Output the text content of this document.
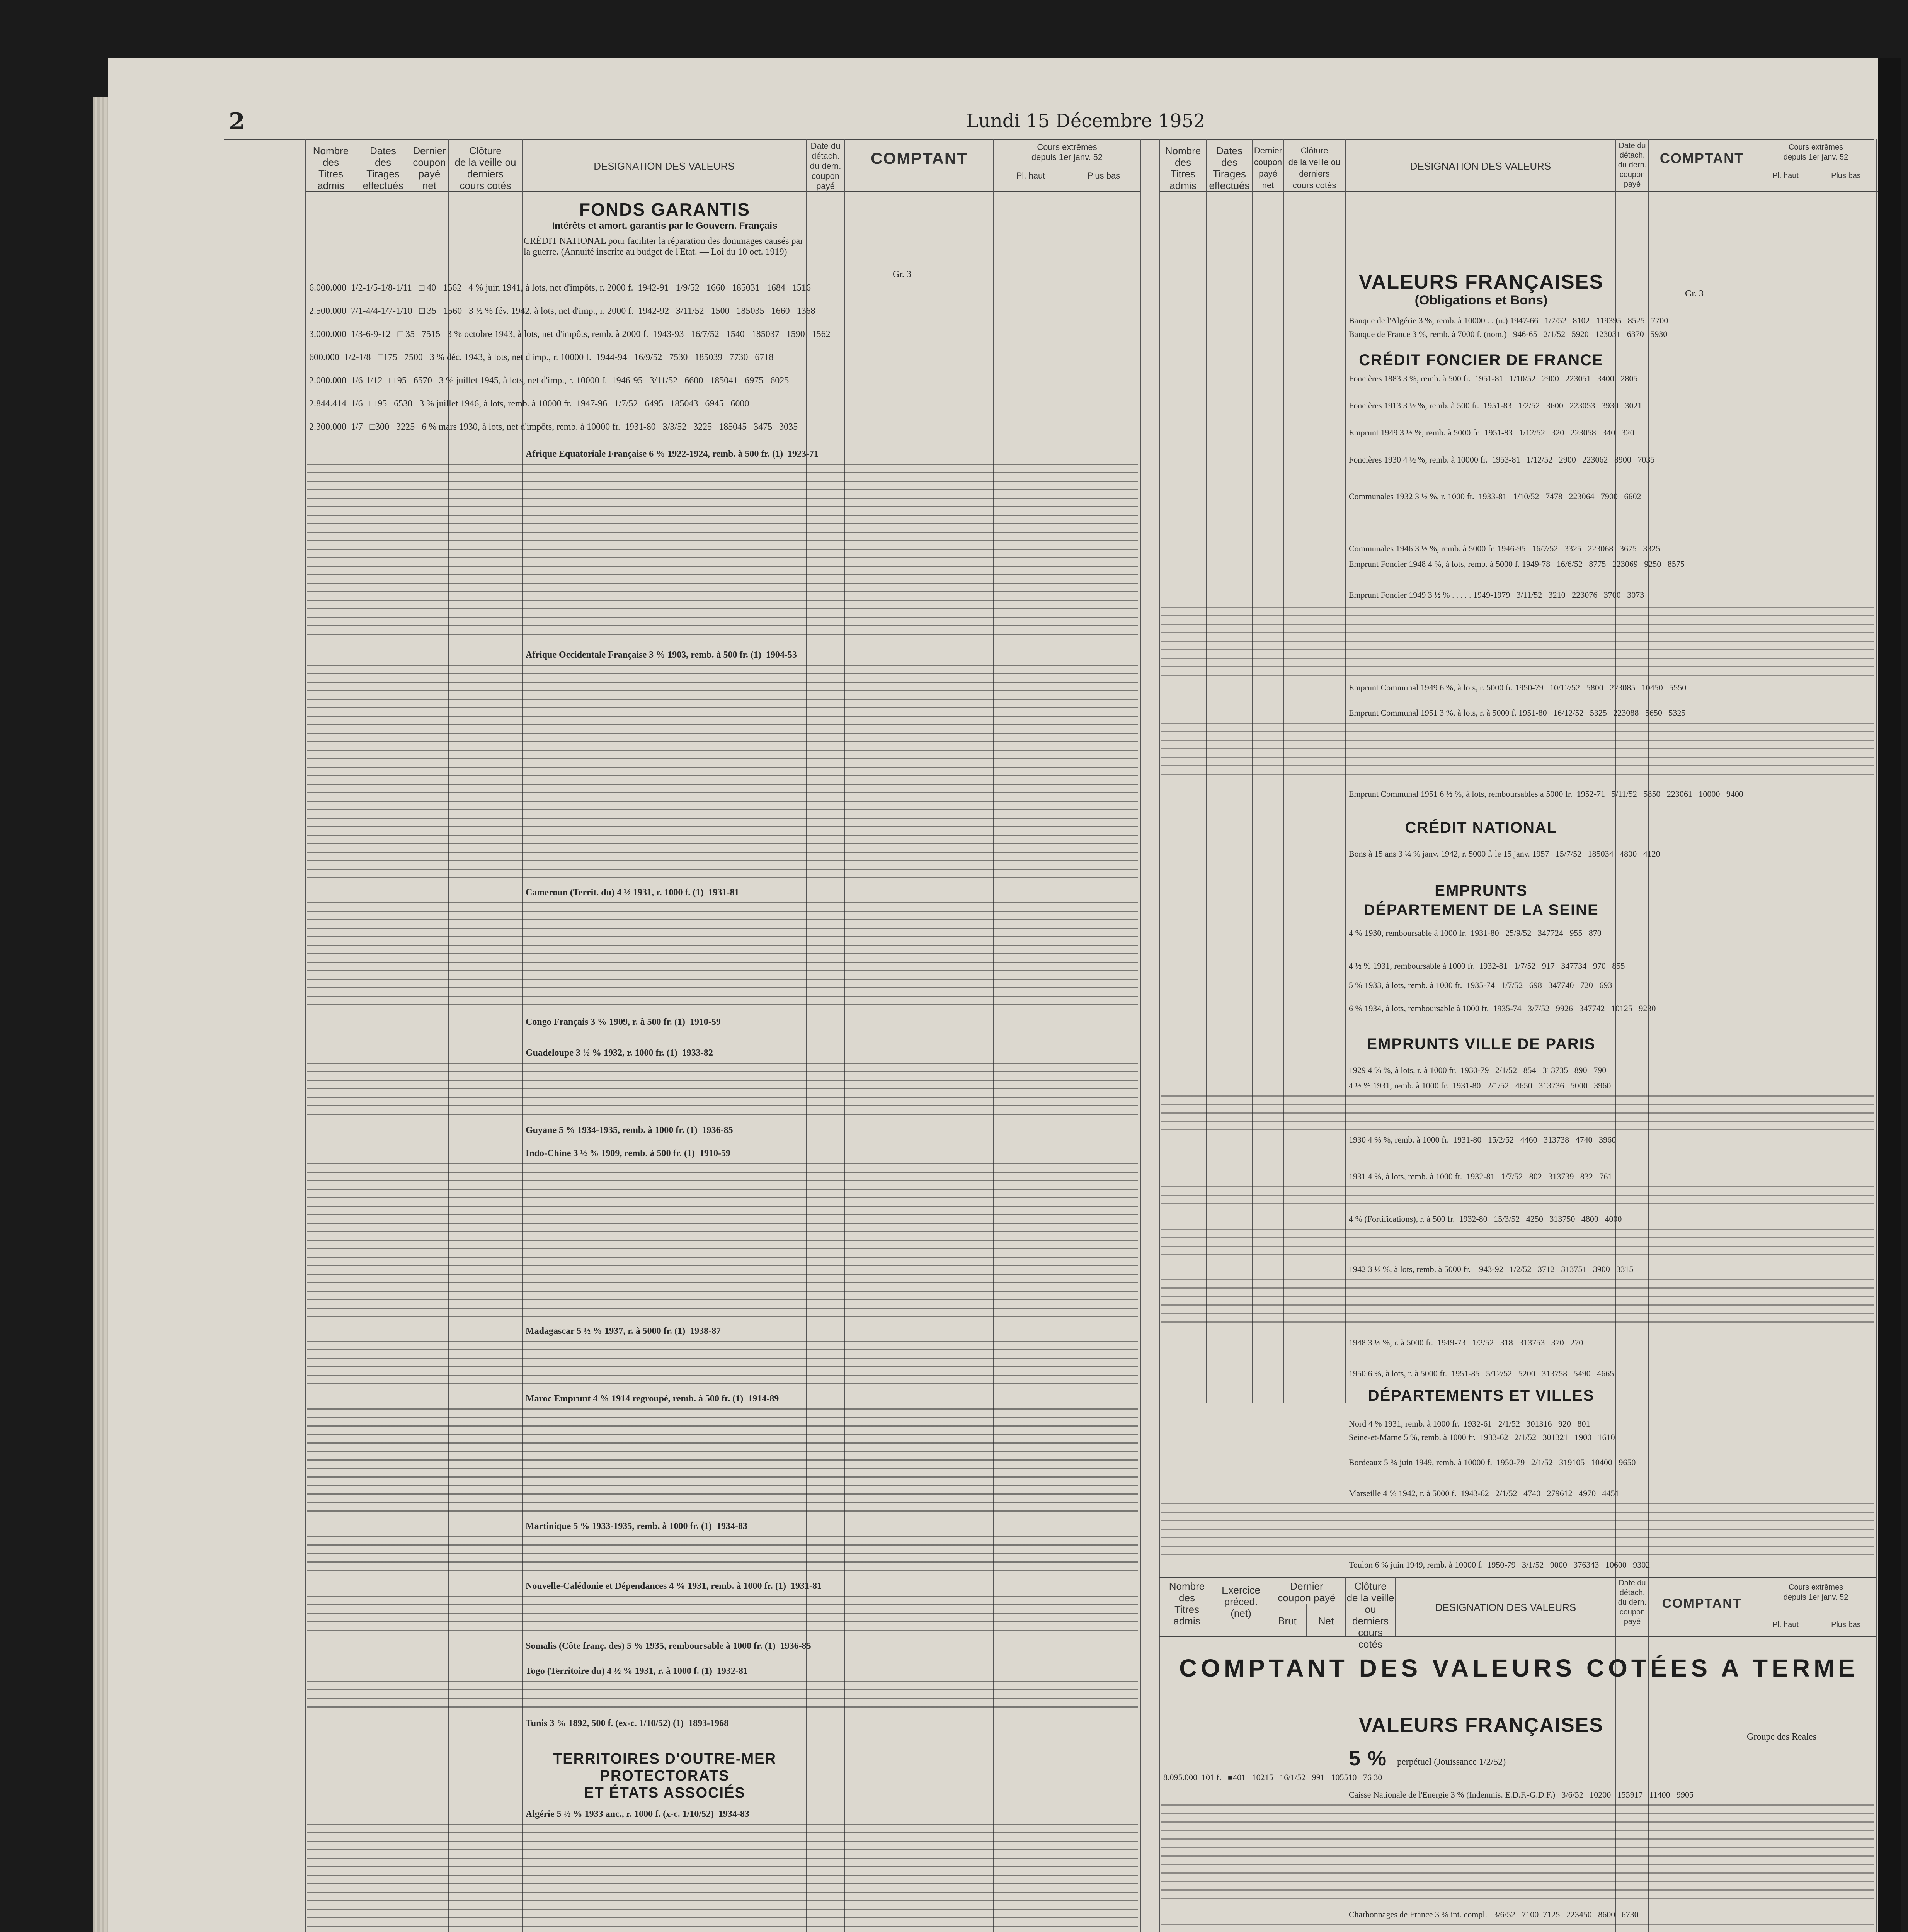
2	Lundi 15 Décembre 1952
Nombre
des
Titres
admis
Dates
des
Tirages
effectués
Dernier
coupon
payé
net
Clôture
de la veille ou
derniers
cours cotés
DESIGNATION DES VALEURS
Date du
détach.
du dern.
coupon
payé
COMPTANT
Cours extrêmes
depuis 1er janv. 52
Pl. haut	Plus bas
FONDS GARANTIS
Intérêts et amort. garantis par le Gouvern. Français
CRÉDIT NATIONAL pour faciliter la réparation des dommages causés par la guerre. (Annuité inscrite au budget de l'Etat. — Loi du 10 oct. 1919)
Gr. 3
6.000.000  1/2-1/5-1/8-1/11   □ 40   1562   4 % juin 1941, à lots, net d'impôts, r. 2000 f.  1942-91   1/9/52   1660   185031   1684   1516
2.500.000  7/1-4/4-1/7-1/10   □ 35   1560   3 ½ % fév. 1942, à lots, net d'imp., r. 2000 f.  1942-92   3/11/52   1500   185035   1660   1368
3.000.000  1/3-6-9-12   □ 35   7515   3 % octobre 1943, à lots, net d'impôts, remb. à 2000 f.  1943-93   16/7/52   1540   185037   1590   1562
600.000  1/2-1/8   □175   7500   3 % déc. 1943, à lots, net d'imp., r. 10000 f.  1944-94   16/9/52   7530   185039   7730   6718
2.000.000  1/6-1/12   □ 95   6570   3 % juillet 1945, à lots, net d'imp., r. 10000 f.  1946-95   3/11/52   6600   185041   6975   6025
2.844.414  1/6   □ 95   6530   3 % juillet 1946, à lots, remb. à 10000 fr.  1947-96   1/7/52   6495   185043   6945   6000
2.300.000  1/7   □300   3225   6 % mars 1930, à lots, net d'impôts, remb. à 10000 fr.  1931-80   3/3/52   3225   185045   3475   3035
Afrique Equatoriale Française 6 % 1922-1924, remb. à 500 fr. (1)  1923-71
Afrique Occidentale Française 3 % 1903, remb. à 500 fr. (1)  1904-53
Cameroun (Territ. du) 4 ½ 1931, r. 1000 f. (1)  1931-81
Congo Français 3 % 1909, r. à 500 fr. (1)  1910-59
Guadeloupe 3 ½ % 1932, r. 1000 fr. (1)  1933-82
Guyane 5 % 1934-1935, remb. à 1000 fr. (1)  1936-85
Indo-Chine 3 ½ % 1909, remb. à 500 fr. (1)  1910-59
Madagascar 5 ½ % 1937, r. à 5000 fr. (1)  1938-87
Maroc Emprunt 4 % 1914 regroupé, remb. à 500 fr. (1)  1914-89
Martinique 5 % 1933-1935, remb. à 1000 fr. (1)  1934-83
Nouvelle-Calédonie et Dépendances 4 % 1931, remb. à 1000 fr. (1)  1931-81
Somalis (Côte franç. des) 5 % 1935, remboursable à 1000 fr. (1)  1936-85
Togo (Territoire du) 4 ½ % 1931, r. à 1000 f. (1)  1932-81
Tunis 3 % 1892, 500 f. (ex-c. 1/10/52) (1)  1893-1968
TERRITOIRES D'OUTRE-MER
PROTECTORATS
ET ÉTATS ASSOCIÉS
Algérie 5 ½ % 1933 anc., r. 1000 f. (x-c. 1/10/52)  1934-83
Nombre
des
Titres
admis
Dates
des
Tirages
effectués
Dernier
coupon
payé
net
Clôture
de la veille ou
derniers
cours cotés
DESIGNATION DES VALEURS
Date du
détach.
du dern.
coupon
payé
COMPTANT
Cours extrêmes
depuis 1er janv. 52
Pl. haut	Plus bas
VALEURS FRANÇAISES
(Obligations et Bons)	Gr. 3
Banque de l'Algérie 3 %, remb. à 10000 . . (n.) 1947-66   1/7/52   8102   119395   8525   7700
Banque de France 3 %, remb. à 7000 f. (nom.) 1946-65   2/1/52   5920   123031   6370   5930
CRÉDIT FONCIER DE FRANCE
Foncières 1883 3 %, remb. à 500 fr.  1951-81   1/10/52   2900   223051   3400   2805
Foncières 1913 3 ½ %, remb. à 500 fr.  1951-83   1/2/52   3600   223053   3930   3021
Emprunt 1949 3 ½ %, remb. à 5000 fr.  1951-83   1/12/52   320   223058   340   320
Foncières 1930 4 ½ %, remb. à 10000 fr.  1953-81   1/12/52   2900   223062   8900   7035
Communales 1932 3 ½ %, r. 1000 fr.  1933-81   1/10/52   7478   223064   7900   6602
Communales 1946 3 ½ %, remb. à 5000 fr. 1946-95   16/7/52   3325   223068   3675   3325
Emprunt Foncier 1948 4 %, à lots, remb. à 5000 f. 1949-78   16/6/52   8775   223069   9250   8575
Emprunt Foncier 1949 3 ½ % . . . . . 1949-1979   3/11/52   3210   223076   3700   3073
Emprunt Communal 1949 6 %, à lots, r. 5000 fr. 1950-79   10/12/52   5800   223085   10450   5550
Emprunt Communal 1951 3 %, à lots, r. à 5000 f. 1951-80   16/12/52   5325   223088   5650   5325
Emprunt Communal 1951 6 ½ %, à lots, remboursables à 5000 fr.  1952-71   5/11/52   5850   223061   10000   9400
CRÉDIT NATIONAL
Bons à 15 ans 3 ¼ % janv. 1942, r. 5000 f. le 15 janv. 1957   15/7/52   185034   4800   4120
EMPRUNTS
DÉPARTEMENT DE LA SEINE
4 % 1930, remboursable à 1000 fr.  1931-80   25/9/52   347724   955   870
4 ½ % 1931, remboursable à 1000 fr.  1932-81   1/7/52   917   347734   970   855
5 % 1933, à lots, remb. à 1000 fr.  1935-74   1/7/52   698   347740   720   693
6 % 1934, à lots, remboursable à 1000 fr.  1935-74   3/7/52   9926   347742   10125   9230
EMPRUNTS VILLE DE PARIS
1929 4 % %, à lots, r. à 1000 fr.  1930-79   2/1/52   854   313735   890   790
4 ½ % 1931, remb. à 1000 fr.  1931-80   2/1/52   4650   313736   5000   3960
1930 4 % %, remb. à 1000 fr.  1931-80   15/2/52   4460   313738   4740   3960
1931 4 %, à lots, remb. à 1000 fr.  1932-81   1/7/52   802   313739   832   761
4 % (Fortifications), r. à 500 fr.  1932-80   15/3/52   4250   313750   4800   4000
1942 3 ½ %, à lots, remb. à 5000 fr.  1943-92   1/2/52   3712   313751   3900   3315
1948 3 ½ %, r. à 5000 fr.  1949-73   1/2/52   318   313753   370   270
1950 6 %, à lots, r. à 5000 fr.  1951-85   5/12/52   5200   313758   5490   4665
DÉPARTEMENTS ET VILLES
Nord 4 % 1931, remb. à 1000 fr.  1932-61   2/1/52   301316   920   801
Seine-et-Marne 5 %, remb. à 1000 fr.  1933-62   2/1/52   301321   1900   1610
Bordeaux 5 % juin 1949, remb. à 10000 f.  1950-79   2/1/52   319105   10400   9650
Marseille 4 % 1942, r. à 5000 f.  1943-62   2/1/52   4740   279612   4970   4451
Toulon 6 % juin 1949, remb. à 10000 f.  1950-79   3/1/52   9000   376343   10600   9302
Nombre
des
Titres
admis
Exercice
préced.
(net)
Dernier
coupon payé
Brut	Net
Clôture
de la veille
ou derniers
cours cotés
DESIGNATION DES VALEURS
Date du
détach.
du dern.
coupon
payé
COMPTANT
Cours extrêmes
depuis 1er janv. 52
Pl. haut	Plus bas
COMPTANT DES VALEURS COTÉES A TERME
VALEURS FRANÇAISES
5 %	perpétuel (Jouissance 1/2/52)
Groupe des Reales
8.095.000  101 f.   ■401   10215   16/1/52   991   105510   76 30
Caisse Nationale de l'Energie 3 % (Indemnis. E.D.F.-G.D.F.)   3/6/52   10200   155917   11400   9905
Charbonnages de France 3 % int. compl.   3/6/52   7100  7125   223450   8600   6730
